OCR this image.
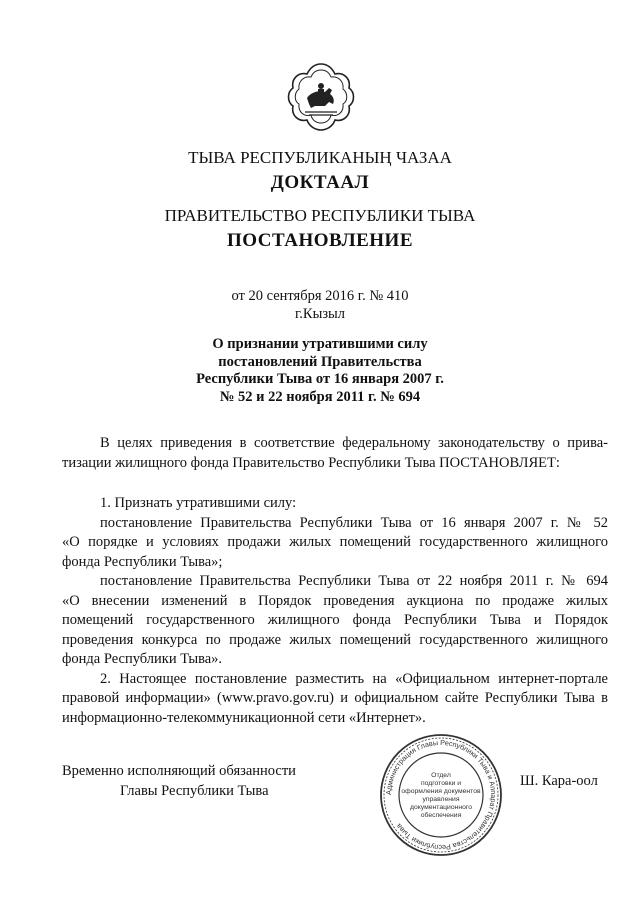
ТЫВА РЕСПУБЛИКАНЫҢ ЧАЗАА
ДОКТААЛ
ПРАВИТЕЛЬСТВО РЕСПУБЛИКИ ТЫВА
ПОСТАНОВЛЕНИЕ
от 20 сентября 2016 г. № 410
г.Кызыл
О признании утратившими силу
постановлений Правительства
Республики Тыва от 16 января 2007 г.
№ 52 и 22 ноября 2011 г. № 694
В целях приведения в соответствие федеральному законодательству о прива-
тизации жилищного фонда Правительство Республики Тыва ПОСТАНОВЛЯЕТ:
1. Признать утратившими силу:
постановление Правительства Республики Тыва от 16 января 2007 г. № 52
«О порядке и условиях продажи жилых помещений государственного жилищного
фонда Республики Тыва»;
постановление Правительства Республики Тыва от 22 ноября 2011 г. № 694
«О внесении изменений в Порядок проведения аукциона по продаже жилых
помещений государственного жилищного фонда Республики Тыва и Порядок
проведения конкурса по продаже жилых помещений государственного жилищного
фонда Республики Тыва».
2. Настоящее постановление разместить на «Официальном интернет-портале
правовой информации» (www.pravo.gov.ru) и официальном сайте Республики Тыва в
информационно-телекоммуникационной сети «Интернет».
Временно исполняющий обязанности
Главы Республики Тыва	Администрация Главы Республики Тыва и Аппарат Правительства Республики Тыва
Отдел
подготовки и
оформления документов
управления
документационного
обеспечения
Ш. Кара-оол
